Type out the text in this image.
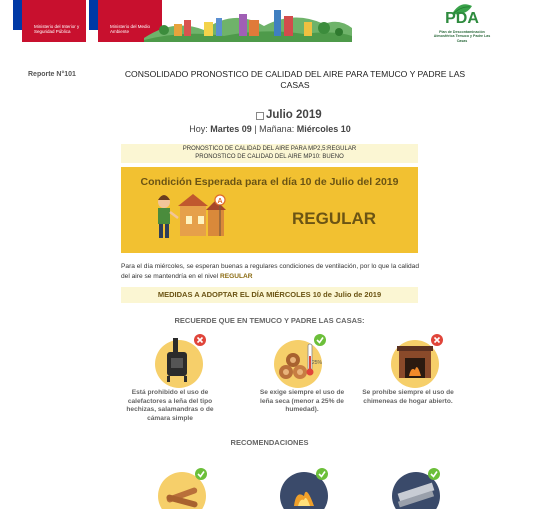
Ministerio del Interior y Seguridad Pública
Ministerio del Medio Ambiente
PDA
Plan de Descontaminación Atmosférica Temuco y Padre Las Casas
Reporte N°101	CONSOLIDADO PRONOSTICO DE CALIDAD DEL AIRE PARA TEMUCO Y PADRE LAS CASAS
Julio 2019
Hoy: Martes 09 | Mañana: Miércoles 10
PRONOSTICO DE CALIDAD DEL AIRE PARA MP2,5:REGULAR
PRONOSTICO DE CALIDAD DEL AIRE MP10: BUENO
Condición Esperada para el día 10 de Julio del 2019
A
REGULAR
Para el día miércoles, se esperan buenas a regulares condiciones de ventilación, por lo que la calidad del aire se mantendría en el nivel REGULAR
MEDIDAS A ADOPTAR EL DÍA MIÉRCOLES 10 de Julio de 2019
RECUERDE QUE EN TEMUCO Y PADRE LAS CASAS:
Está prohibido el uso de calefactores a leña del tipo hechizas, salamandras o de cámara simple
25%
Se exige siempre el uso de leña seca (menor a 25% de humedad).
Se prohíbe siempre el uso de chimeneas de hogar abierto.
RECOMENDACIONES
